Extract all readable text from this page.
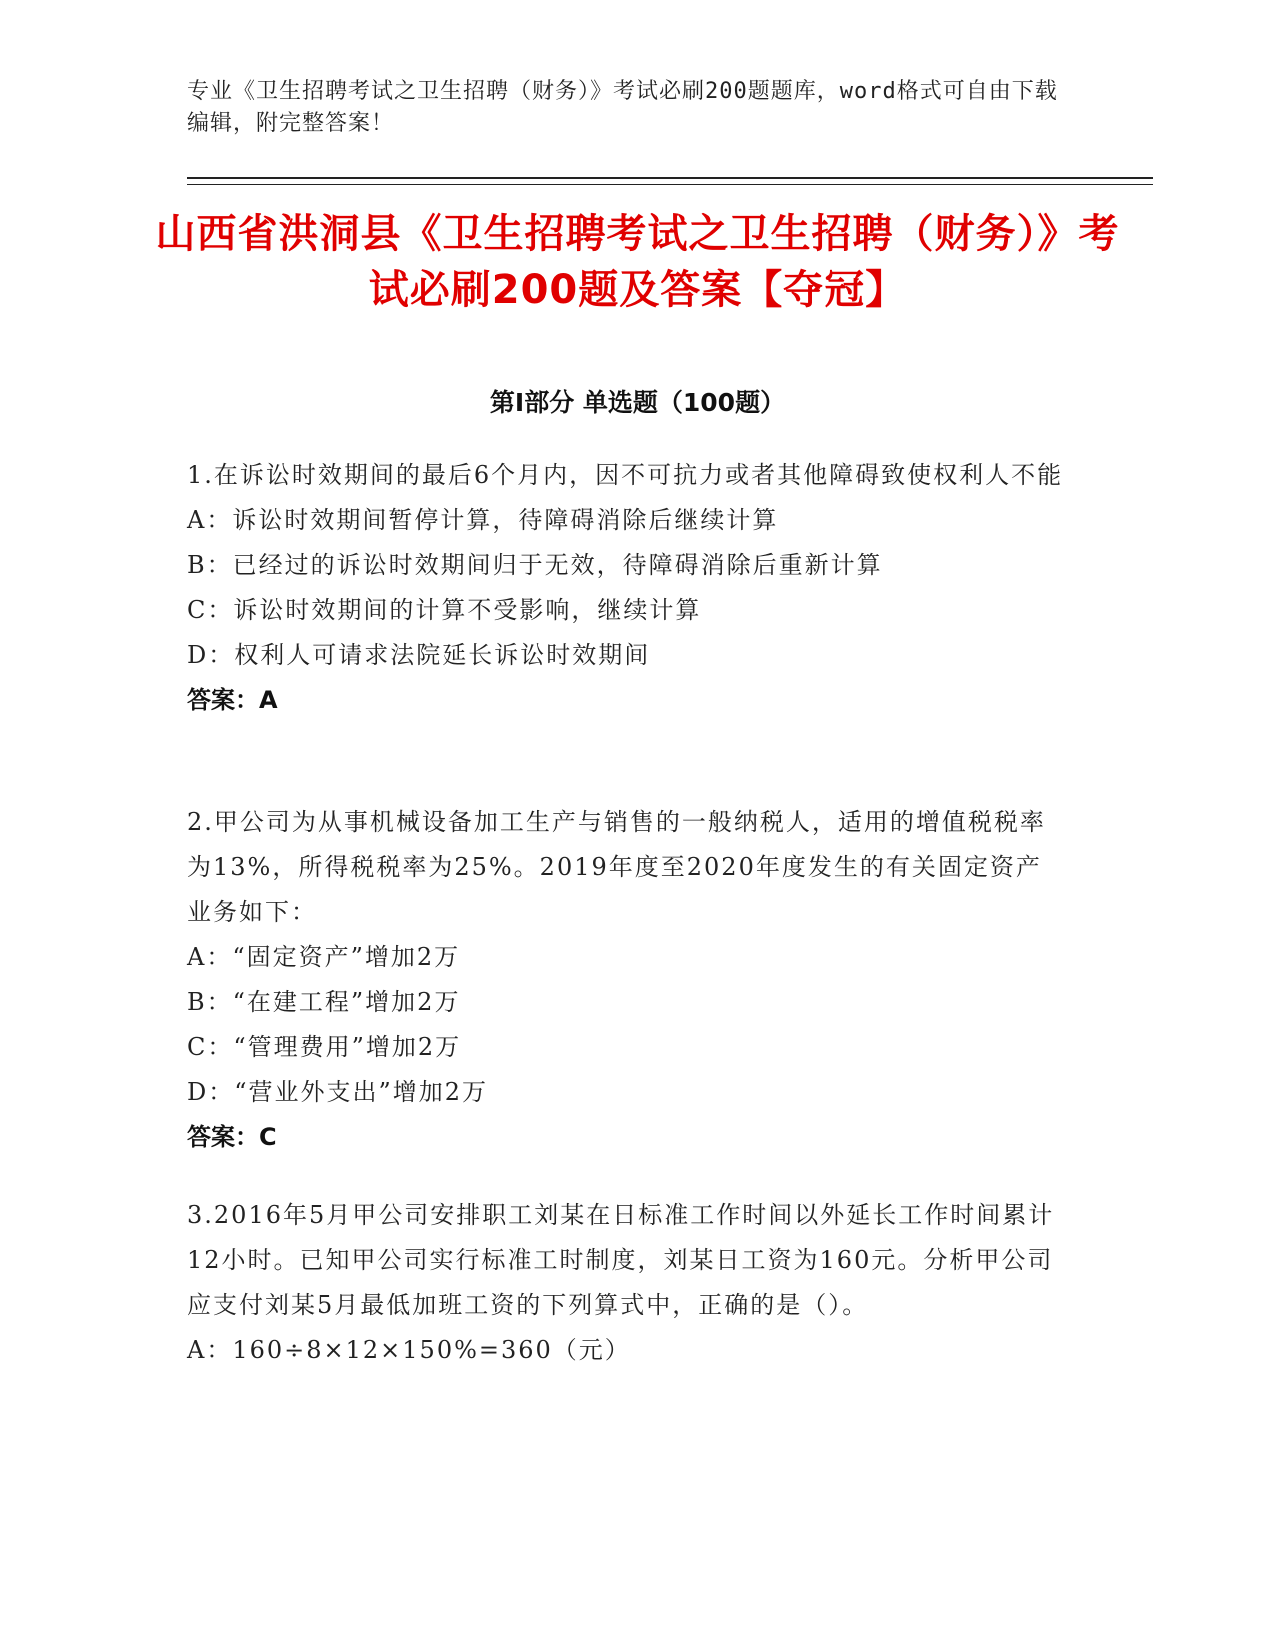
专业《卫生招聘考试之卫生招聘（财务）》考试必刷200题题库，word格式可自由下载编辑，附完整答案！
山西省洪洞县《卫生招聘考试之卫生招聘（财务）》考试必刷200题及答案【夺冠】
第Ⅰ部分 单选题（100题）

1.在诉讼时效期间的最后6个月内，因不可抗力或者其他障碍致使权利人不能

A：诉讼时效期间暂停计算，待障碍消除后继续计算

B：已经过的诉讼时效期间归于无效，待障碍消除后重新计算

C：诉讼时效期间的计算不受影响，继续计算

D：权利人可请求法院延长诉讼时效期间

答案：A

2.甲公司为从事机械设备加工生产与销售的一般纳税人，适用的增值税税率为13%，所得税税率为25%。2019年度至2020年度发生的有关固定资产业务如下：

A：“固定资产”增加2万

B：“在建工程”增加2万

C：“管理费用”增加2万

D：“营业外支出”增加2万

答案：C

3.2016年5月甲公司安排职工刘某在日标准工作时间以外延长工作时间累计12小时。已知甲公司实行标准工时制度，刘某日工资为160元。分析甲公司应支付刘某5月最低加班工资的下列算式中，正确的是（）。

A：160÷8×12×150%=360（元）
